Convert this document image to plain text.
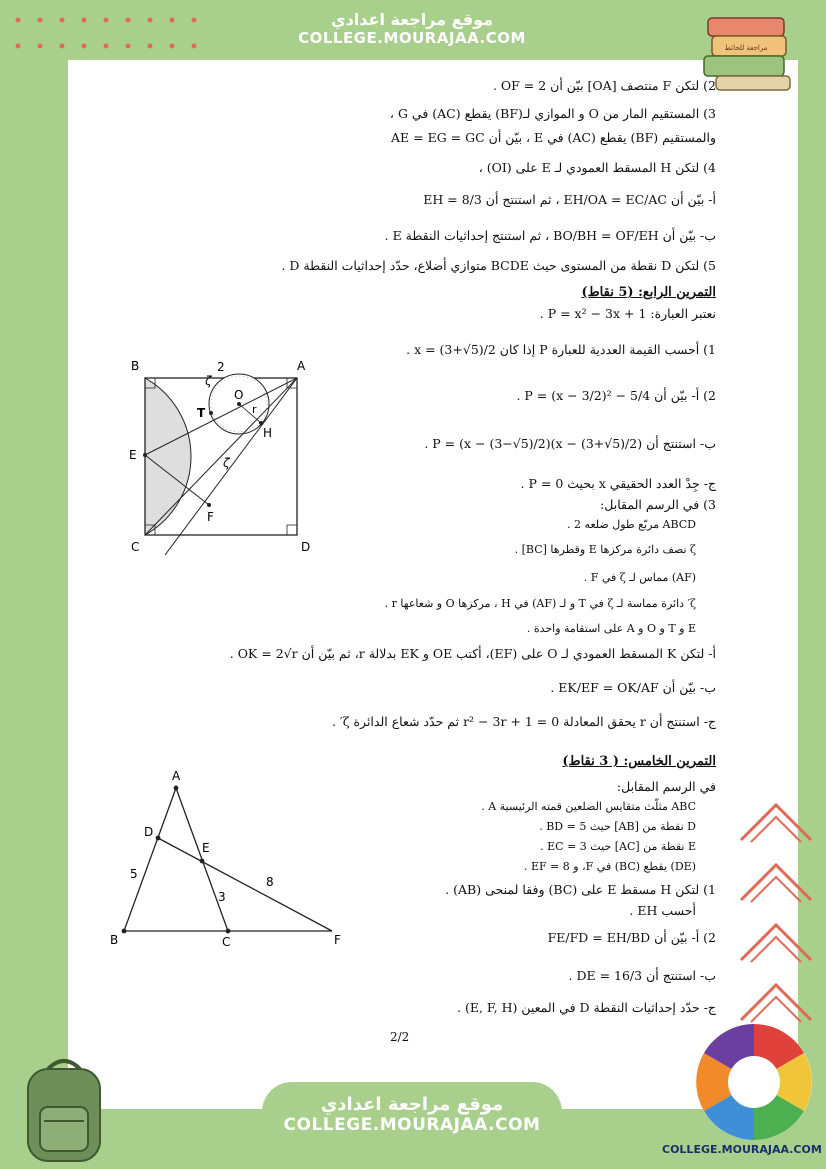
موقع مراجعة اعدادي
COLLEGE.MOURAJAA.COM
مراجعة للحائط
2) لتكن F منتصف [OA] بيّن أن OF = 2 .
3) المستقيم المار من O و الموازي لـ(BF) يقطع (AC) في G ،
والمستقيم (BF) يقطع (AC) في E ، بيّن أن AE = EG = GC
4) لتكن H المسقط العمودي لـ E على (OI) ،
أ- بيّن أن EH/OA = EC/AC ، ثم استنتج أن EH = 8/3
ب- بيّن أن BO/BH = OF/EH ، ثم استنتج إحداثيات النقطة E .
5) لتكن D نقطة من المستوى حيث BCDE متوازي أضلاع، حدّد إحداثيات النقطة D .
التمرين الرابع: (5 نقاط)
نعتبر العبارة: P = x² − 3x + 1 .
1) أحسب القيمة العددية للعبارة P إذا كان x = (3+√5)/2 .
2) أ- بيّن أن P = (x − 3/2)² − 5/4 .
ب- استنتج أن P = (x − (3−√5)/2)(x − (3+√5)/2) .
ج- جِدْ العدد الحقيقي x بحيث P = 0 .
3) في الرسم المقابل:
ABCD مربّع طول ضلعه 2 .
ζ نصف دائرة مركزها E وقطرها [BC] .
(AF) مماس لـ ζ في F .
ζ′ دائرة مماسة لـ ζ في T و لـ (AF) في H ، مركزها O و شعاعها r .
E و T و O و A على استقامة واحدة .
أ- لتكن K المسقط العمودي لـ O على (EF)، أكتب OE و EK بدلالة r، ثم بيّن أن OK = 2√r .
ب- بيّن أن EK/EF = OK/AF .
ج- استنتج أن r يحقق المعادلة r² − 3r + 1 = 0 ثم حدّد شعاع الدائرة ζ′ .
التمرين الخامس: ( 3 نقاط)
في الرسم المقابل:
ABC مثلّث متقايس الضلعين قمته الرئيسية A .
D نقطة من [AB] حيث BD = 5 .
E نقطة من [AC] حيث EC = 3 .
(DE) يقطع (BC) في F، و EF = 8 .
1) لتكن H مسقط E على (BC) وفقا لمنحى (AB) .
أحسب EH .
2) أ- بيّن أن FE/FD = EH/BD
ب- استنتج أن DE = 16/3 .
ج- حدّد إحداثيات النقطة D في المعين (E, F, H) .
2/2
B	A
C	D
E
F
T
O
H
r
2
ζ
ζ
A
D
E
B	C	F
5
3
8
موقع مراجعة اعدادي
COLLEGE.MOURAJAA.COM
COLLEGE.MOURAJAA.COM
